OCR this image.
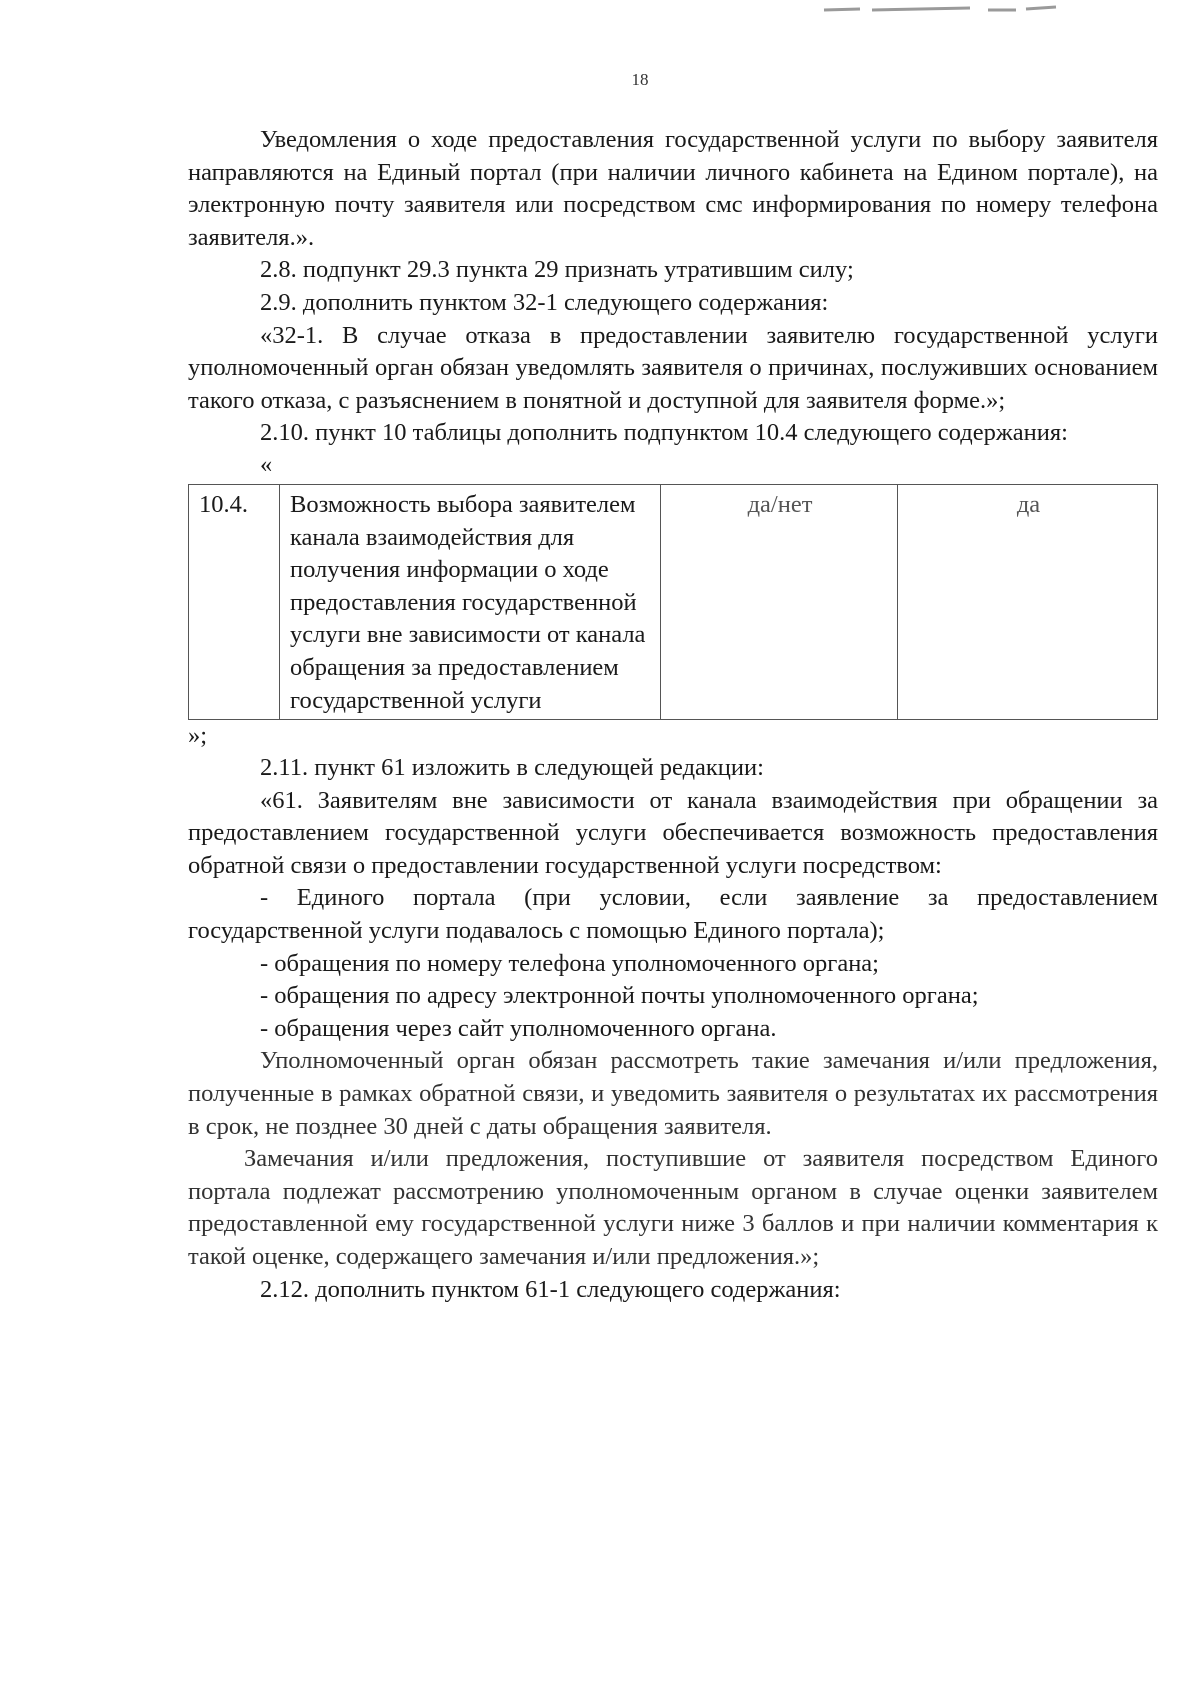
18

Уведомления о ходе предоставления государственной услуги по выбору заявителя направляются на Единый портал (при наличии личного кабинета на Едином портале), на электронную почту заявителя или посредством смс информирования по номеру телефона заявителя.».

2.8. подпункт 29.3 пункта 29 признать утратившим силу;

2.9. дополнить пунктом 32-1 следующего содержания:

«32-1. В случае отказа в предоставлении заявителю государственной услуги уполномоченный орган обязан уведомлять заявителя о причинах, послуживших основанием такого отказа, с разъяснением в понятной и доступной для заявителя форме.»;

2.10. пункт 10 таблицы дополнить подпунктом 10.4 следующего содержания:

«

10.4.	Возможность выбора заявителем канала взаимодействия для получения информации о ходе предоставления государственной услуги вне зависимости от канала обращения за предоставлением государственной услуги	да/нет	да

»;

2.11. пункт 61 изложить в следующей редакции:

«61. Заявителям вне зависимости от канала взаимодействия при обращении за предоставлением государственной услуги обеспечивается возможность предоставления обратной связи о предоставлении государственной услуги посредством:

- Единого портала (при условии, если заявление за предоставлением государственной услуги подавалось с помощью Единого портала);

- обращения по номеру телефона уполномоченного органа;

- обращения по адресу электронной почты уполномоченного органа;

- обращения через сайт уполномоченного органа.

Уполномоченный орган обязан рассмотреть такие замечания и/или предложения, полученные в рамках обратной связи, и уведомить заявителя о результатах их рассмотрения в срок, не позднее 30 дней с даты обращения заявителя.

Замечания и/или предложения, поступившие от заявителя посредством Единого портала подлежат рассмотрению уполномоченным органом в случае оценки заявителем предоставленной ему государственной услуги ниже 3 баллов и при наличии комментария к такой оценке, содержащего замечания и/или предложения.»;

2.12. дополнить пунктом 61-1 следующего содержания:
